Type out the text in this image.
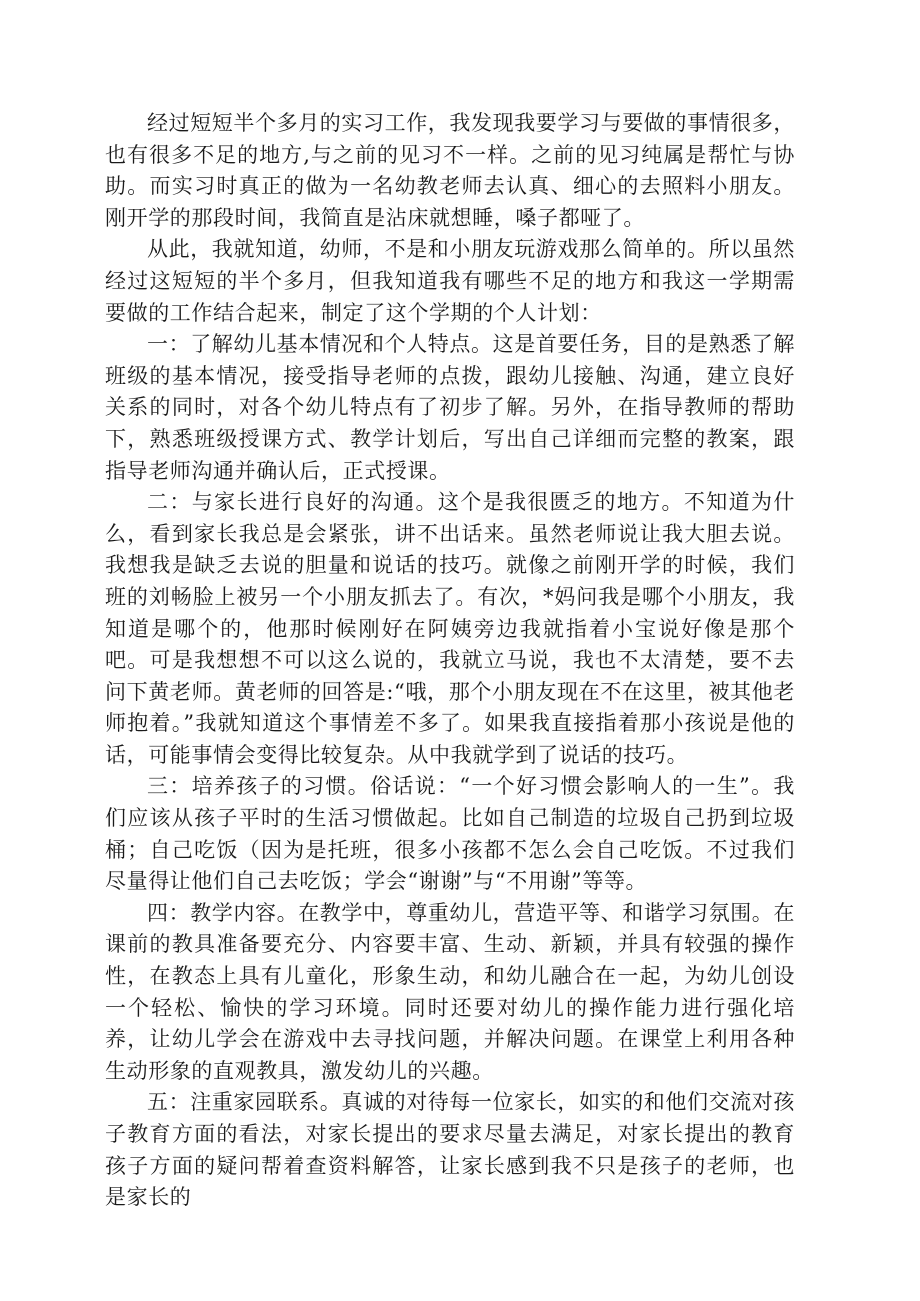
经过短短半个多月的实习工作，我发现我要学习与要做的事情很多，也有很多不足的地方,与之前的见习不一样。之前的见习纯属是帮忙与协助。而实习时真正的做为一名幼教老师去认真、细心的去照料小朋友。刚开学的那段时间，我简直是沾床就想睡，嗓子都哑了。

从此，我就知道，幼师，不是和小朋友玩游戏那么简单的。所以虽然经过这短短的半个多月，但我知道我有哪些不足的地方和我这一学期需要做的工作结合起来，制定了这个学期的个人计划：

一：了解幼儿基本情况和个人特点。这是首要任务，目的是熟悉了解班级的基本情况，接受指导老师的点拨，跟幼儿接触、沟通，建立良好关系的同时，对各个幼儿特点有了初步了解。另外，在指导教师的帮助下，熟悉班级授课方式、教学计划后，写出自己详细而完整的教案，跟指导老师沟通并确认后，正式授课。

二：与家长进行良好的沟通。这个是我很匮乏的地方。不知道为什么，看到家长我总是会紧张，讲不出话来。虽然老师说让我大胆去说。我想我是缺乏去说的胆量和说话的技巧。就像之前刚开学的时候，我们班的刘畅脸上被另一个小朋友抓去了。有次，*妈问我是哪个小朋友，我知道是哪个的，他那时候刚好在阿姨旁边我就指着小宝说好像是那个吧。可是我想想不可以这么说的，我就立马说，我也不太清楚，要不去问下黄老师。黄老师的回答是:“哦，那个小朋友现在不在这里，被其他老师抱着。”我就知道这个事情差不多了。如果我直接指着那小孩说是他的话，可能事情会变得比较复杂。从中我就学到了说话的技巧。

三：培养孩子的习惯。俗话说：“一个好习惯会影响人的一生”。我们应该从孩子平时的生活习惯做起。比如自己制造的垃圾自己扔到垃圾桶；自己吃饭（因为是托班，很多小孩都不怎么会自己吃饭。不过我们尽量得让他们自己去吃饭；学会“谢谢”与“不用谢”等等。

四：教学内容。在教学中，尊重幼儿，营造平等、和谐学习氛围。在课前的教具准备要充分、内容要丰富、生动、新颖，并具有较强的操作性，在教态上具有儿童化，形象生动，和幼儿融合在一起，为幼儿创设一个轻松、愉快的学习环境。同时还要对幼儿的操作能力进行强化培养，让幼儿学会在游戏中去寻找问题，并解决问题。在课堂上利用各种生动形象的直观教具，激发幼儿的兴趣。

五：注重家园联系。真诚的对待每一位家长，如实的和他们交流对孩子教育方面的看法，对家长提出的要求尽量去满足，对家长提出的教育孩子方面的疑问帮着查资料解答，让家长感到我不只是孩子的老师，也是家长的
